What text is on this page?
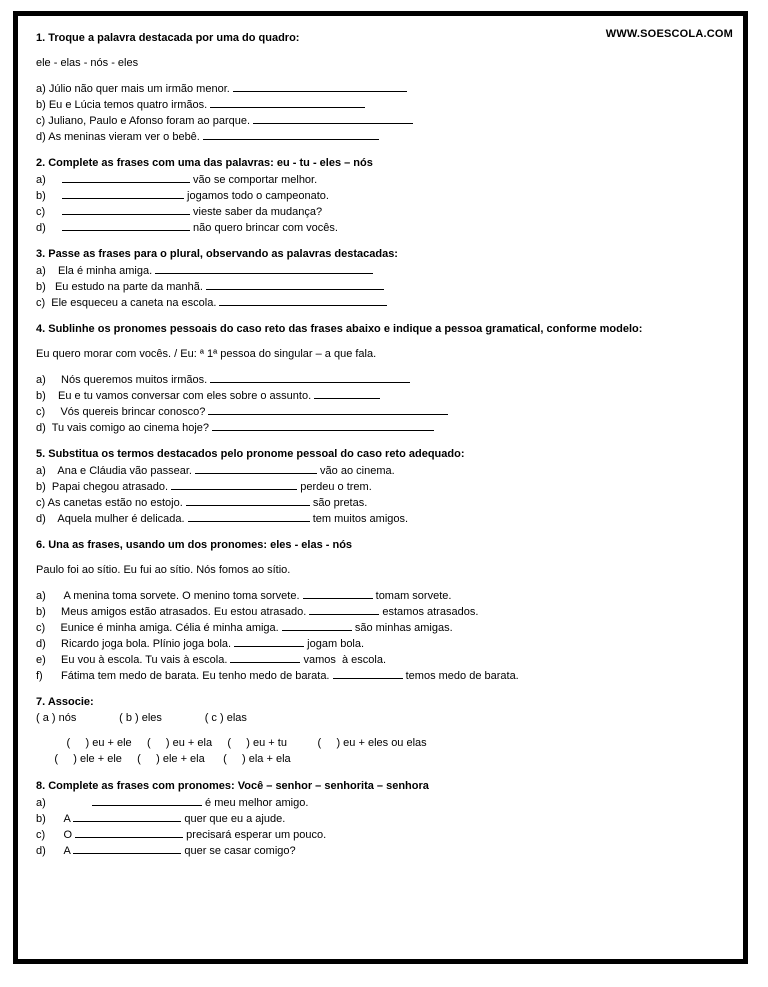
WWW.SOESCOLA.COM
1. Troque a palavra destacada por uma do quadro:
ele - elas - nós - eles
a) Júlio não quer mais um irmão menor.
b) Eu e Lúcia temos quatro irmãos.
c) Juliano, Paulo e Afonso foram ao parque.
d) As meninas vieram ver o bebê.
2. Complete as frases com uma das palavras: eu - tu - eles – nós
a)	vão se comportar melhor.
b)	jogamos todo o campeonato.
c)	vieste saber da mudança?
d)	não quero brincar com vocês.
3. Passe as frases para o plural, observando as palavras destacadas:
a)    Ela é minha amiga.
b)   Eu estudo na parte da manhã.
c)  Ele esqueceu a caneta na escola.
4. Sublinhe os pronomes pessoais do caso reto das frases abaixo e indique a pessoa gramatical, conforme modelo:
Eu quero morar com vocês. / Eu: ª 1ª pessoa do singular – a que fala.
a)     Nós queremos muitos irmãos.
b)    Eu e tu vamos conversar com eles sobre o assunto.
c)     Vós quereis brincar conosco?
d)  Tu vais comigo ao cinema hoje?
5. Substitua os termos destacados pelo pronome pessoal do caso reto adequado:
a)    Ana e Cláudia vão passear.	vão ao cinema.
b)  Papai chegou atrasado.	perdeu o trem.
c) As canetas estão no estojo.	são pretas.
d)    Aquela mulher é delicada.	tem muitos amigos.
6. Una as frases, usando um dos pronomes: eles - elas - nós
Paulo foi ao sítio. Eu fui ao sítio. Nós fomos ao sítio.
a)      A menina toma sorvete. O menino toma sorvete.	tomam sorvete.
b)     Meus amigos estão atrasados. Eu estou atrasado.	estamos atrasados.
c)     Eunice é minha amiga. Célia é minha amiga.	são minhas amigas.
d)     Ricardo joga bola. Plínio joga bola.	jogam bola.
e)     Eu vou à escola. Tu vais à escola.	vamos  à escola.
f)      Fátima tem medo de barata. Eu tenho medo de barata.	temos medo de barata.
7. Associe:
( a ) nós              ( b ) eles              ( c ) elas
(     ) eu + ele     (     ) eu + ela     (     ) eu + tu          (     ) eu + eles ou elas
(     ) ele + ele     (     ) ele + ela      (     ) ela + ela
8. Complete as frases com pronomes: Você – senhor – senhorita – senhora
a)	é meu melhor amigo.
b)      A	quer que eu a ajude.
c)      O	precisará esperar um pouco.
d)      A	quer se casar comigo?
